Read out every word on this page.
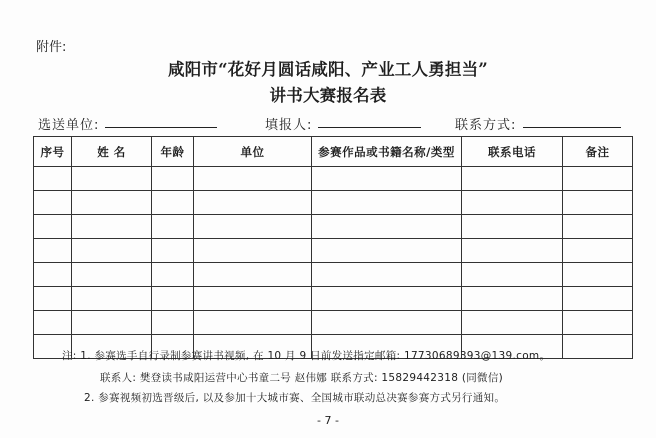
附件:
咸阳市“花好月圆话咸阳、产业工人勇担当”
讲书大赛报名表
选送单位:	填报人:	联系方式:
序号	姓 名	年龄	单位	参赛作品或书籍名称/类型	联系电话	备注

注: 1. 参赛选手自行录制参赛讲书视频, 在 10 月 9 日前发送指定邮箱: 17730689393@139.com。
联系人: 樊登读书咸阳运营中心书童二号 赵伟娜 联系方式: 15829442318 (同微信)
2. 参赛视频初选晋级后, 以及参加十大城市赛、全国城市联动总决赛参赛方式另行通知。
- 7 -
